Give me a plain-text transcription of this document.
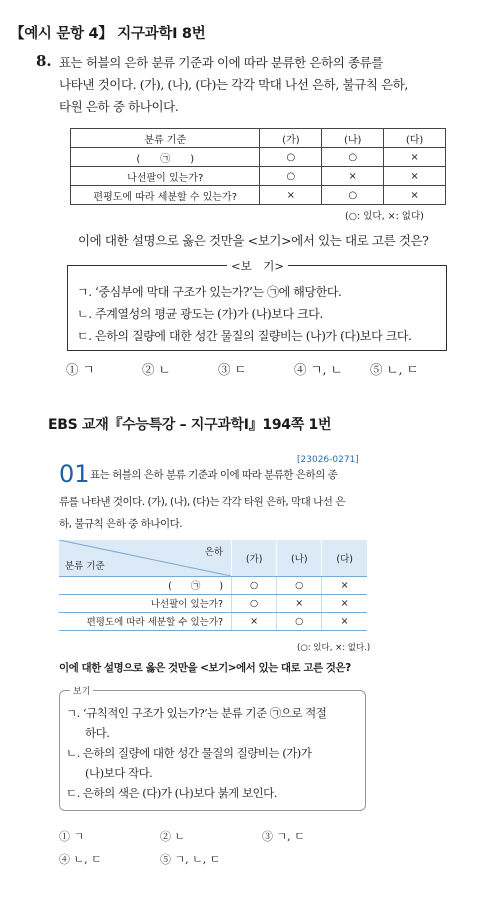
【예시 문항 4】 지구과학Ⅰ 8번
8. 표는 허블의 은하 분류 기준과 이에 따라 분류한 은하의 종류를
나타낸 것이다. (가), (나), (다)는 각각 막대 나선 은하, 불규칙 은하,
타원 은하 중 하나이다.
분류 기준	(가)	(나)	(다)
(　　㉠　　)	○	○	×
나선팔이 있는가?	○	×	×
편평도에 따라 세분할 수 있는가?	×	○	×
(○: 있다, ×: 없다)
이에 대한 설명으로 옳은 것만을 <보기>에서 있는 대로 고른 것은?
<보　기>
ㄱ. ‘중심부에 막대 구조가 있는가?’는 ㉠에 해당한다.
ㄴ. 주계열성의 평균 광도는 (가)가 (나)보다 크다.
ㄷ. 은하의 질량에 대한 성간 물질의 질량비는 (나)가 (다)보다 크다.
① ㄱ	② ㄴ	③ ㄷ	④ ㄱ, ㄴ ⑤ ㄴ, ㄷ
EBS 교재『수능특강 – 지구과학Ⅰ』194쪽 1번
[23026-0271]
01 표는 허블의 은하 분류 기준과 이에 따라 분류한 은하의 종
류를 나타낸 것이다. (가), (나), (다)는 각각 타원 은하, 막대 나선 은
하, 불규칙 은하 중 하나이다.
은하
분류 기준	(가)	(나)	(다)
(　　㉠　　)	○	○	×
나선팔이 있는가?	○	×	×
편평도에 따라 세분할 수 있는가?	×	○	×
(○: 있다, ×: 없다.)
이에 대한 설명으로 옳은 것만을 <보기>에서 있는 대로 고른 것은?
보기
ㄱ. ‘규칙적인 구조가 있는가?’는 분류 기준 ㉠으로 적절
하다.
ㄴ. 은하의 질량에 대한 성간 물질의 질량비는 (가)가
(나)보다 작다.
ㄷ. 은하의 색은 (다)가 (나)보다 붉게 보인다.
① ㄱ	② ㄴ	③ ㄱ, ㄷ
④ ㄴ, ㄷ	⑤ ㄱ, ㄴ, ㄷ
